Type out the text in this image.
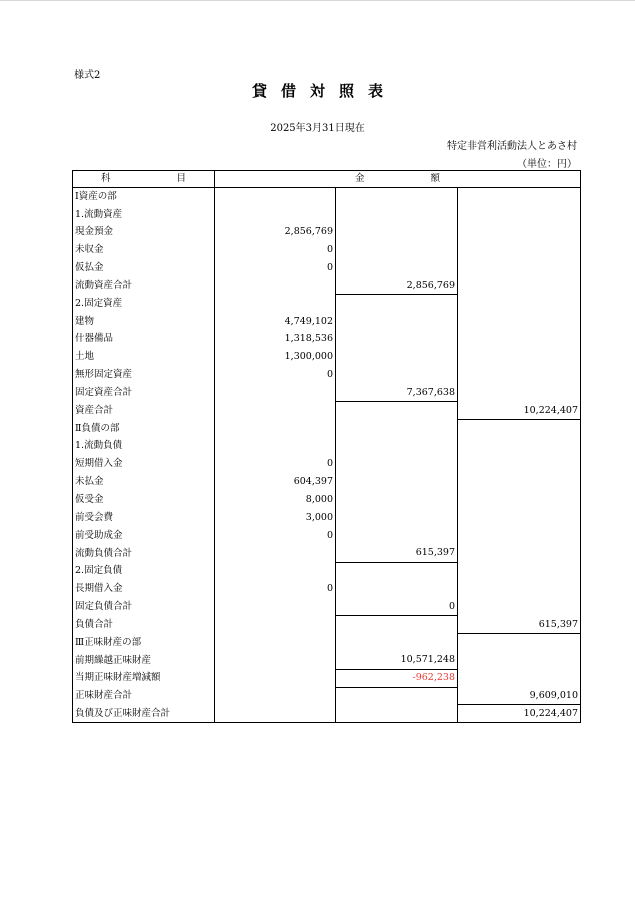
様式2
貸借対照表
2025年3月31日現在
特定非営利活動法人とあさ村
（単位：円）
科 目	金 額		
Ⅰ資産の部			
1.流動資産			
現金預金	2,856,769		
未収金	0		
仮払金	0		
流動資産合計		2,856,769	
2.固定資産			
建物	4,749,102		
什器備品	1,318,536		
土地	1,300,000		
無形固定資産	0		
固定資産合計		7,367,638	
資産合計			10,224,407
Ⅱ負債の部			
1.流動負債			
短期借入金	0		
未払金	604,397		
仮受金	8,000		
前受会費	3,000		
前受助成金	0		
流動負債合計		615,397	
2.固定負債			
長期借入金	0		
固定負債合計		0	
負債合計			615,397
Ⅲ正味財産の部			
前期繰越正味財産		10,571,248	
当期正味財産増減額		-962,238	
正味財産合計			9,609,010
負債及び正味財産合計			10,224,407
